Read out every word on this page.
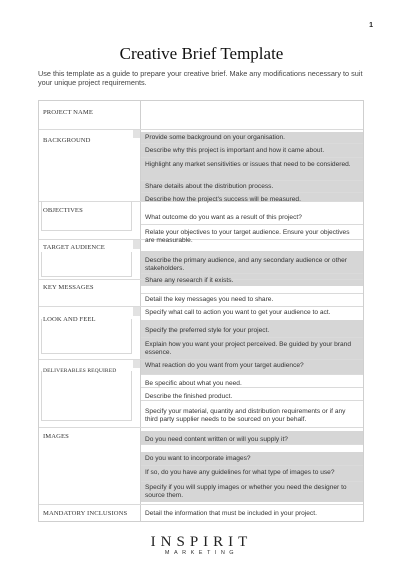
1
Creative Brief Template
Use this template as a guide to prepare your creative brief. Make any modifications necessary to suit your unique project requirements.
PROJECT NAME
BACKGROUND
OBJECTIVES
TARGET AUDIENCE
KEY MESSAGES
LOOK AND FEEL
DELIVERABLES REQUIRED
IMAGES
MANDATORY INCLUSIONS
Provide some background on your organisation.
Describe why this project is important and how it came about.
Highlight any market sensitivities or issues that need to be considered.
Share details about the distribution process.
Describe how the project's success will be measured.
What outcome do you want as a result of this project?
Relate your objectives to your target audience. Ensure your objectives are measurable.
Describe the primary audience, and any secondary audience or other stakeholders.
Share any research if it exists.
Detail the key messages you need to share.
Specify what call to action you want to get your audience to act.
Specify the preferred style for your project.
Explain how you want your project perceived. Be guided by your brand essence.
What reaction do you want from your target audience?
Be specific about what you need.
Describe the finished product.
Specify your material, quantity and distribution requirements or if any third party supplier needs to be sourced on your behalf.
Do you need content written or will you supply it?
Do you want to incorporate images?
If so, do you have any guidelines for what type of images to use?
Specify if you will supply images or whether you need the designer to source them.
Detail the information that must be included in your project.
INSPIRIT
MARKETING
